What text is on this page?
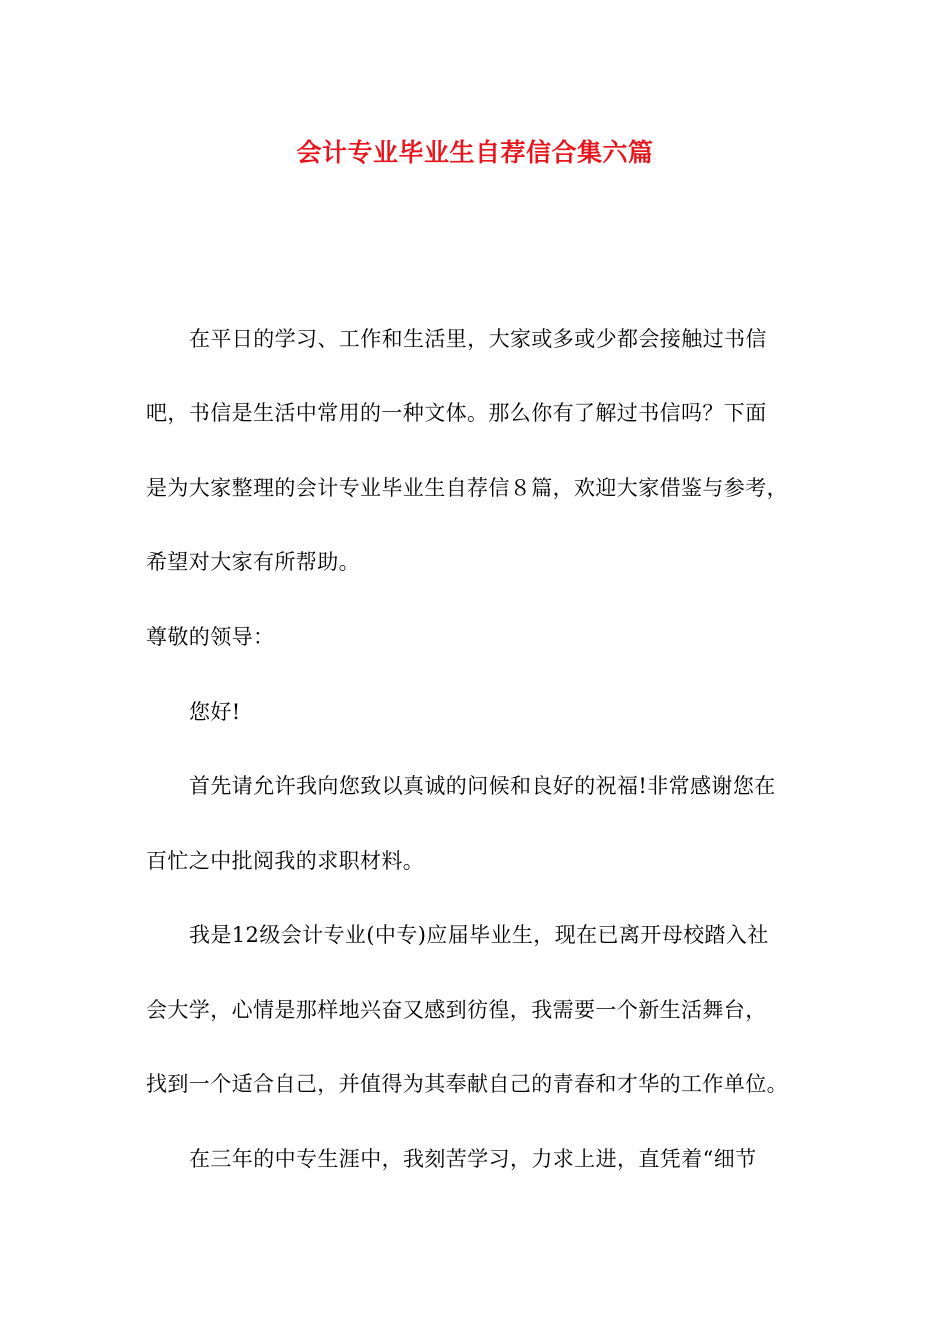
会计专业毕业生自荐信合集六篇
在平日的学习、工作和生活里，大家或多或少都会接触过书信
吧，书信是生活中常用的一种文体。那么你有了解过书信吗？下面
是为大家整理的会计专业毕业生自荐信８篇，欢迎大家借鉴与参考，
希望对大家有所帮助。
尊敬的领导：
您好!
首先请允许我向您致以真诚的问候和良好的祝福!非常感谢您在
百忙之中批阅我的求职材料。
我是12级会计专业(中专)应届毕业生，现在已离开母校踏入社
会大学，心情是那样地兴奋又感到彷徨，我需要一个新生活舞台，
找到一个适合自己，并值得为其奉献自己的青春和才华的工作单位。
在三年的中专生涯中，我刻苦学习，力求上进，直凭着“细节
